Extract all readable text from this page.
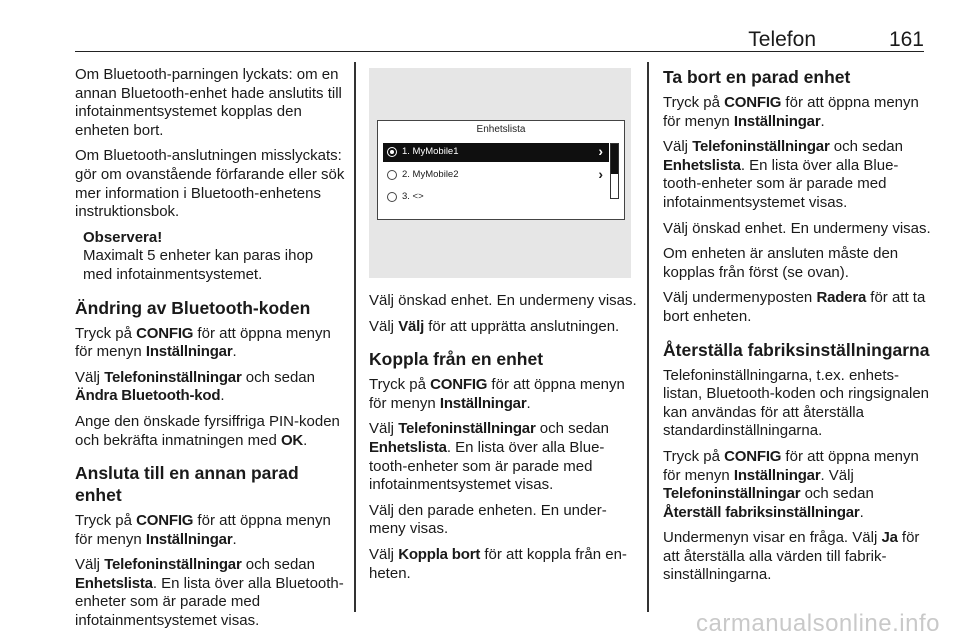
Telefon	161

Om Bluetooth-parningen lyckats: om en annan Bluetooth-enhet hade anslutits till infotainmentsystemet kopplas den enheten bort.

Om Bluetooth-anslutningen misslyckats: gör om ovanstående förfarande eller sök mer information i Bluetooth-enhetens instruktionsbok.

Observera!
Maximalt 5 enheter kan paras ihop med infotainmentsystemet.
Ändring av Bluetooth-koden

Tryck på CONFIG för att öppna menyn för menyn Inställningar.

Välj Telefoninställningar och sedan Ändra Bluetooth-kod.

Ange den önskade fyrsiffriga PIN-koden och bekräfta inmatningen med OK.

Ansluta till en annan parad enhet

Tryck på CONFIG för att öppna menyn för menyn Inställningar.

Välj Telefoninställningar och sedan Enhetslista. En lista över alla Bluetooth-enheter som är parade med infotainmentsystemet visas.

Enhetslista
1. MyMobile1	›
2. MyMobile2	›
3. <>

Välj önskad enhet. En undermeny visas.

Välj Välj för att upprätta anslutningen.

Koppla från en enhet

Tryck på CONFIG för att öppna menyn för menyn Inställningar.

Välj Telefoninställningar och sedan Enhetslista. En lista över alla Bluetooth-enheter som är parade med infotainmentsystemet visas.

Välj den parade enheten. En undermeny visas.

Välj Koppla bort för att koppla från enheten.

Ta bort en parad enhet

Tryck på CONFIG för att öppna menyn för menyn Inställningar.

Välj Telefoninställningar och sedan Enhetslista. En lista över alla Bluetooth-enheter som är parade med infotainmentsystemet visas.

Välj önskad enhet. En undermeny visas.

Om enheten är ansluten måste den kopplas från först (se ovan).

Välj undermenyposten Radera för att ta bort enheten.

Återställa fabriksinställningarna

Telefoninställningarna, t.ex. enhetslistan, Bluetooth-koden och ringsignalen kan användas för att återställa standardinställningarna.

Tryck på CONFIG för att öppna menyn för menyn Inställningar. Välj Telefoninställningar och sedan Återställ fabriksinställningar.

Undermenyn visar en fråga. Välj Ja för att återställa alla värden till fabriksinställningarna.

carmanualsonline.info
